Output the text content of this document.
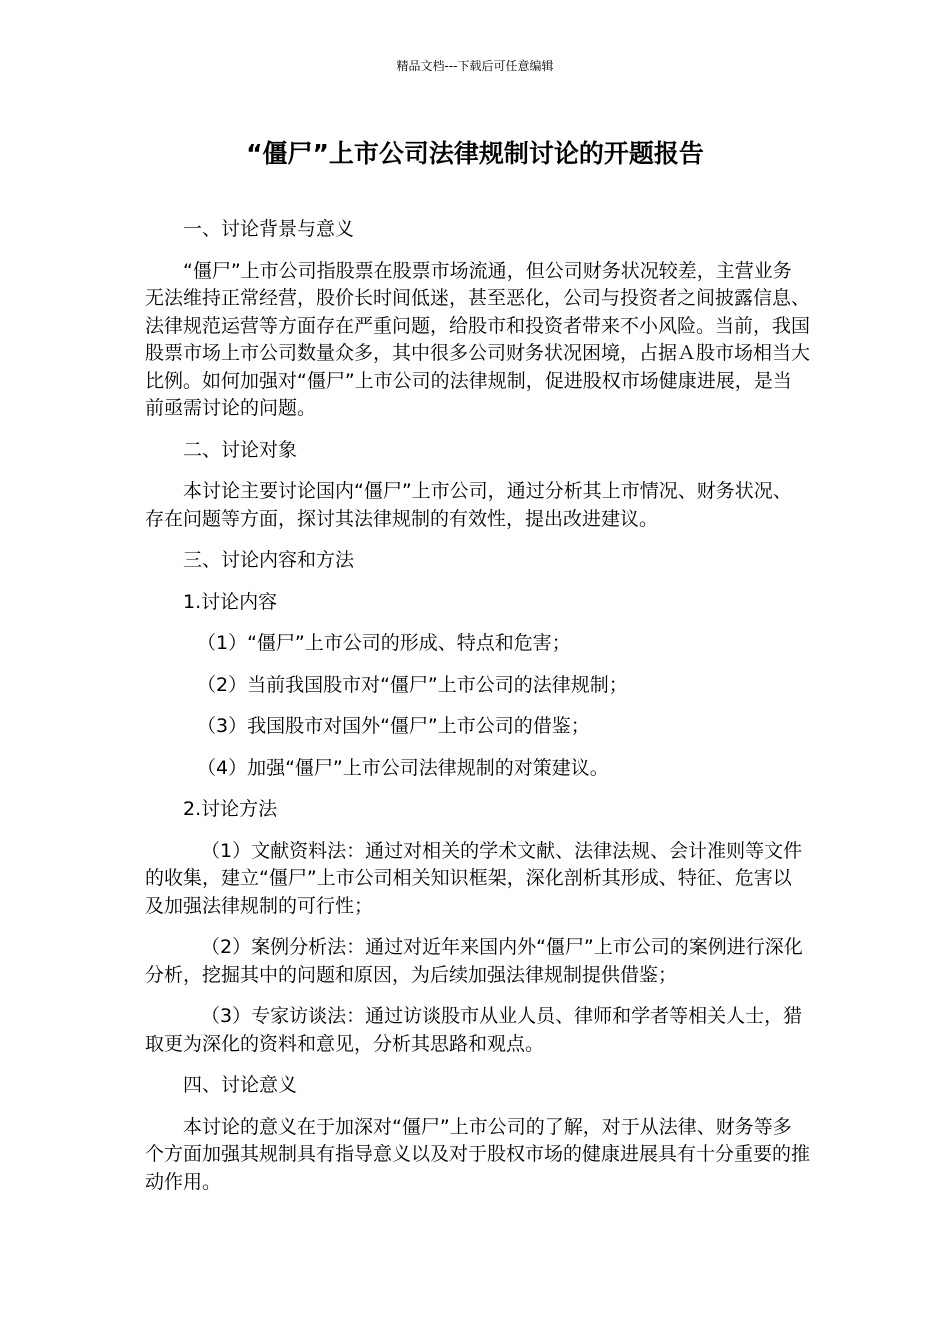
精品文档---下载后可任意编辑
“僵尸”上市公司法律规制讨论的开题报告

一、讨论背景与意义

“僵尸”上市公司指股票在股票市场流通，但公司财务状况较差，主营业务无法维持正常经营，股价长时间低迷，甚至恶化，公司与投资者之间披露信息、法律规范运营等方面存在严重问题，给股市和投资者带来不小风险。当前，我国股票市场上市公司数量众多，其中很多公司财务状况困境，占据Ａ股市场相当大比例。如何加强对“僵尸”上市公司的法律规制，促进股权市场健康进展，是当前亟需讨论的问题。

二、讨论对象

本讨论主要讨论国内“僵尸”上市公司，通过分析其上市情况、财务状况、存在问题等方面，探讨其法律规制的有效性，提出改进建议。

三、讨论内容和方法

1.讨论内容

（1）“僵尸”上市公司的形成、特点和危害；

（2）当前我国股市对“僵尸”上市公司的法律规制；

（3）我国股市对国外“僵尸”上市公司的借鉴；

（4）加强“僵尸”上市公司法律规制的对策建议。

2.讨论方法

（1）文献资料法：通过对相关的学术文献、法律法规、会计准则等文件的收集，建立“僵尸”上市公司相关知识框架，深化剖析其形成、特征、危害以及加强法律规制的可行性；

（2）案例分析法：通过对近年来国内外“僵尸”上市公司的案例进行深化分析，挖掘其中的问题和原因，为后续加强法律规制提供借鉴；

（3）专家访谈法：通过访谈股市从业人员、律师和学者等相关人士，猎取更为深化的资料和意见，分析其思路和观点。

四、讨论意义

本讨论的意义在于加深对“僵尸”上市公司的了解，对于从法律、财务等多个方面加强其规制具有指导意义以及对于股权市场的健康进展具有十分重要的推动作用。
